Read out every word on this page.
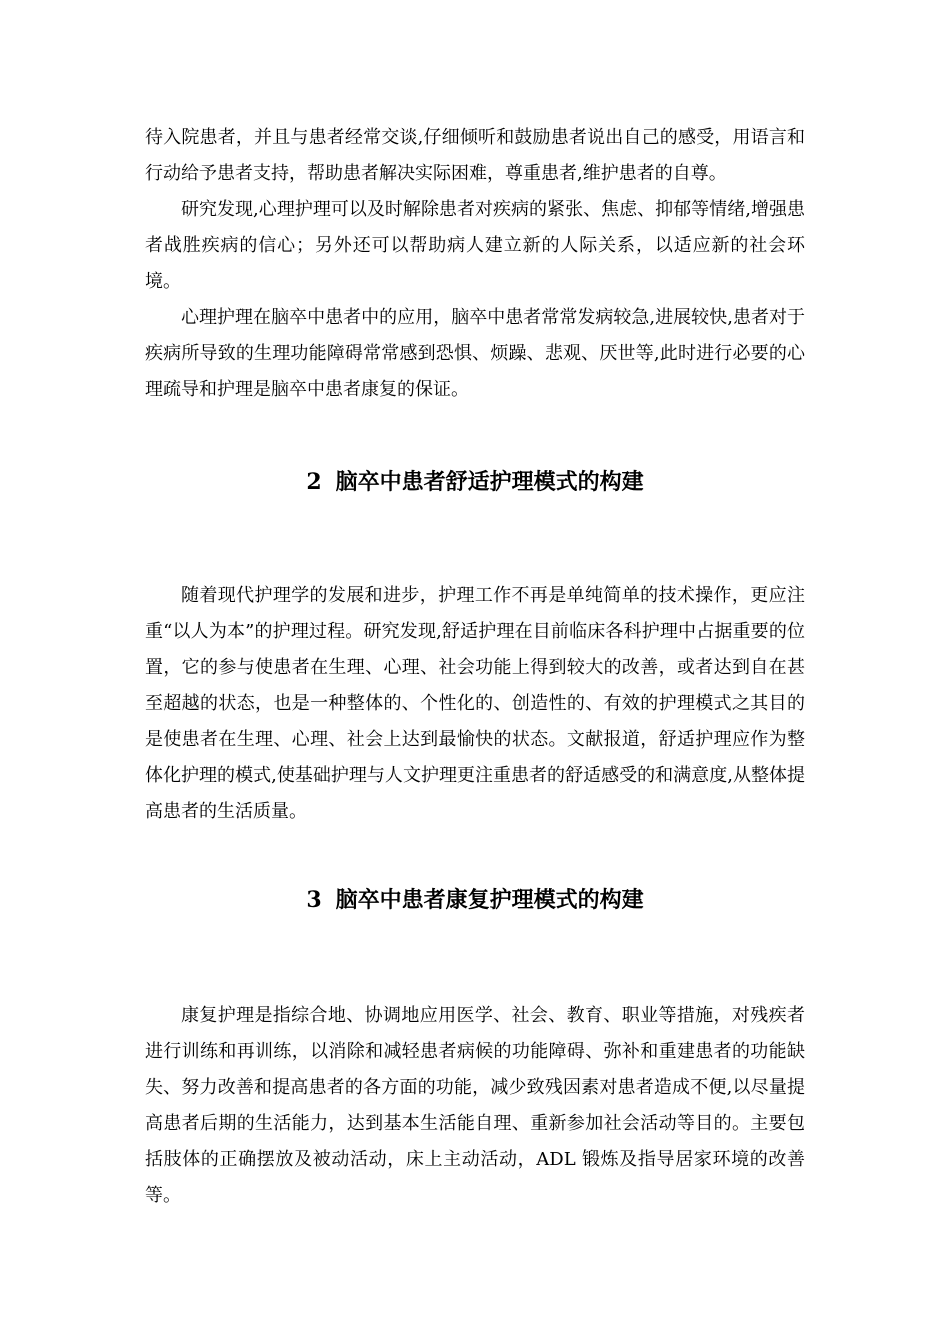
待入院患者，并且与患者经常交谈,仔细倾听和鼓励患者说出自己的感受，用语言和行动给予患者支持，帮助患者解决实际困难，尊重患者,维护患者的自尊。

研究发现,心理护理可以及时解除患者对疾病的紧张、焦虑、抑郁等情绪,增强患者战胜疾病的信心；另外还可以帮助病人建立新的人际关系，以适应新的社会环境。

心理护理在脑卒中患者中的应用，脑卒中患者常常发病较急,进展较快,患者对于疾病所导致的生理功能障碍常常感到恐惧、烦躁、悲观、厌世等,此时进行必要的心理疏导和护理是脑卒中患者康复的保证。

2 脑卒中患者舒适护理模式的构建

随着现代护理学的发展和进步，护理工作不再是单纯简单的技术操作，更应注重“以人为本”的护理过程。研究发现,舒适护理在目前临床各科护理中占据重要的位置，它的参与使患者在生理、心理、社会功能上得到较大的改善，或者达到自在甚至超越的状态，也是一种整体的、个性化的、创造性的、有效的护理模式之其目的是使患者在生理、心理、社会上达到最愉快的状态。文献报道，舒适护理应作为整体化护理的模式,使基础护理与人文护理更注重患者的舒适感受的和满意度,从整体提高患者的生活质量。

3 脑卒中患者康复护理模式的构建

康复护理是指综合地、协调地应用医学、社会、教育、职业等措施，对残疾者进行训练和再训练，以消除和减轻患者病候的功能障碍、弥补和重建患者的功能缺失、努力改善和提高患者的各方面的功能，减少致残因素对患者造成不便,以尽量提高患者后期的生活能力，达到基本生活能自理、重新参加社会活动等目的。主要包括肢体的正确摆放及被动活动，床上主动活动，ADL 锻炼及指导居家环境的改善等。
